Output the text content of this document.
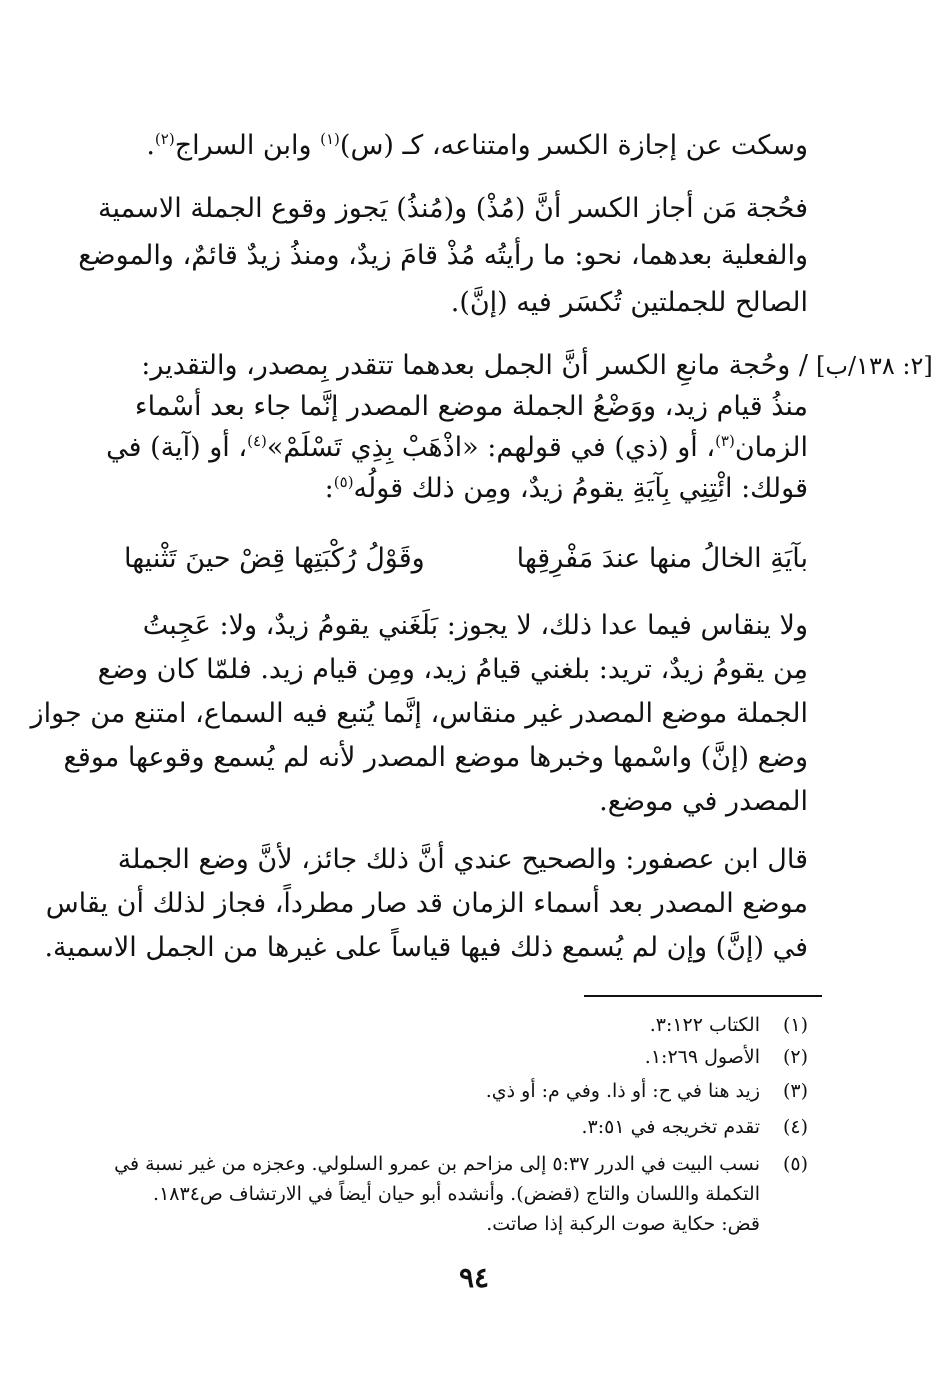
وسكت عن إجازة الكسر وامتناعه، كـ (س)$^{(١)}$ وابن السراج$^{(٢)}$.
فحُجة مَن أجاز الكسر أنَّ (مُذْ) و(مُنذُ) يَجوز وقوع الجملة الاسمية
والفعلية بعدهما، نحو: ما رأيتُه مُذْ قامَ زيدٌ، ومنذُ زيدٌ قائمٌ، والموضع
الصالح للجملتين تُكسَر فيه (إنَّ).
[٢: ١٣٨/ب]
/ وحُجة مانعِ الكسر أنَّ الجمل بعدهما تتقدر بِمصدر، والتقدير:
منذُ قيام زيد، ووَضْعُ الجملة موضع المصدر إنَّما جاء بعد أسْماء
الزمان$^{(٣)}$، أو (ذي) في قولهم: «اذْهَبْ بِذِي تَسْلَمْ»$^{(٤)}$، أو (آية) في
قولك: ائْتِنِي بِآيَةِ يقومُ زيدٌ، ومِن ذلك قولُه$^{(٥)}$:
بآيَةِ الخالُ منها عندَ مَفْرِقِها
وقَوْلُ رُكْبَتِها قِضْ حينَ تَثْنيها
ولا ينقاس فيما عدا ذلك، لا يجوز: بَلَغَني يقومُ زيدٌ، ولا: عَجِبتُ
مِن يقومُ زيدٌ، تريد: بلغني قيامُ زيد، ومِن قيام زيد. فلمّا كان وضع
الجملة موضع المصدر غير منقاس، إنَّما يُتبع فيه السماع، امتنع من جواز
وضع (إنَّ) واسْمها وخبرها موضع المصدر لأنه لم يُسمع وقوعها موقع
المصدر في موضع.
قال ابن عصفور: والصحيح عندي أنَّ ذلك جائز، لأنَّ وضع الجملة
موضع المصدر بعد أسماء الزمان قد صار مطرداً، فجاز لذلك أن يقاس
في (إنَّ) وإن لم يُسمع ذلك فيها قياساً على غيرها من الجمل الاسمية.
(١)الكتاب ٣:١٢٢.
(٢)الأصول ١:٢٦٩.
(٣)زيد هنا في ح: أو ذا. وفي م: أو ذي.
(٤)تقدم تخريجه في ٣:٥١.
(٥)نسب البيت في الدرر ٥:٣٧ إلى مزاحم بن عمرو السلولي. وعجزه من غير نسبة في
التكملة واللسان والتاج (قضض). وأنشده أبو حيان أيضاً في الارتشاف ص١٨٣٤.
قض: حكاية صوت الركبة إذا صاتت.
٩٤
